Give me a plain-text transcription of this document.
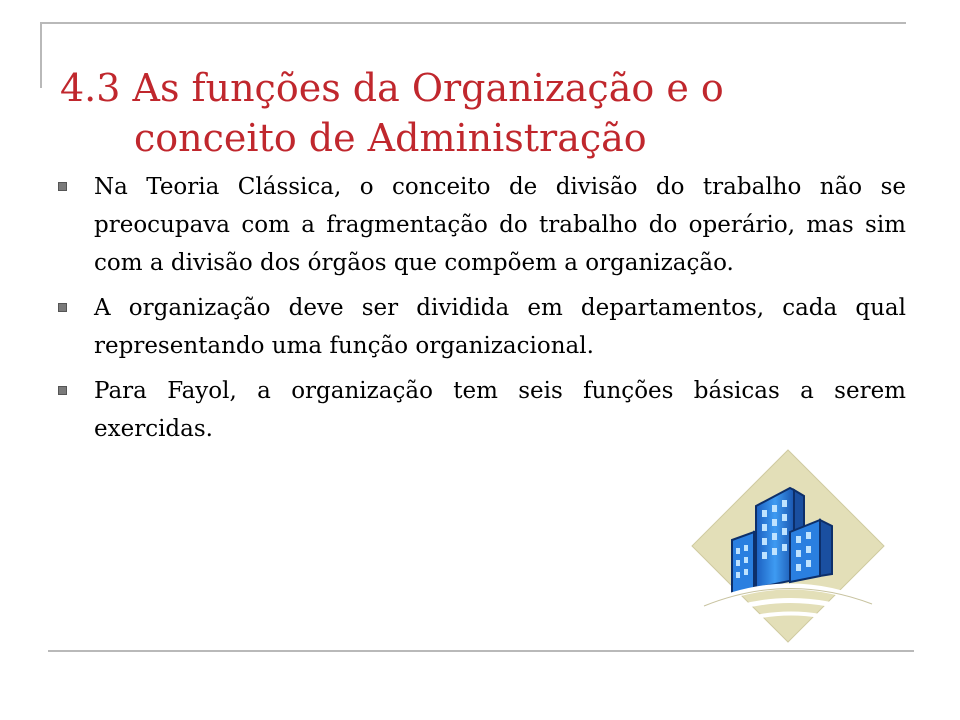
4.3 As funções da Organização e o
conceito de Administração
Na Teoria Clássica, o conceito de divisão do trabalho não se preocupava com a fragmentação do trabalho do operário, mas sim com a divisão dos órgãos que compõem a organização.
A organização deve ser dividida em departamentos, cada qual representando uma função organizacional.
Para Fayol, a organização tem seis funções básicas a serem exercidas.
